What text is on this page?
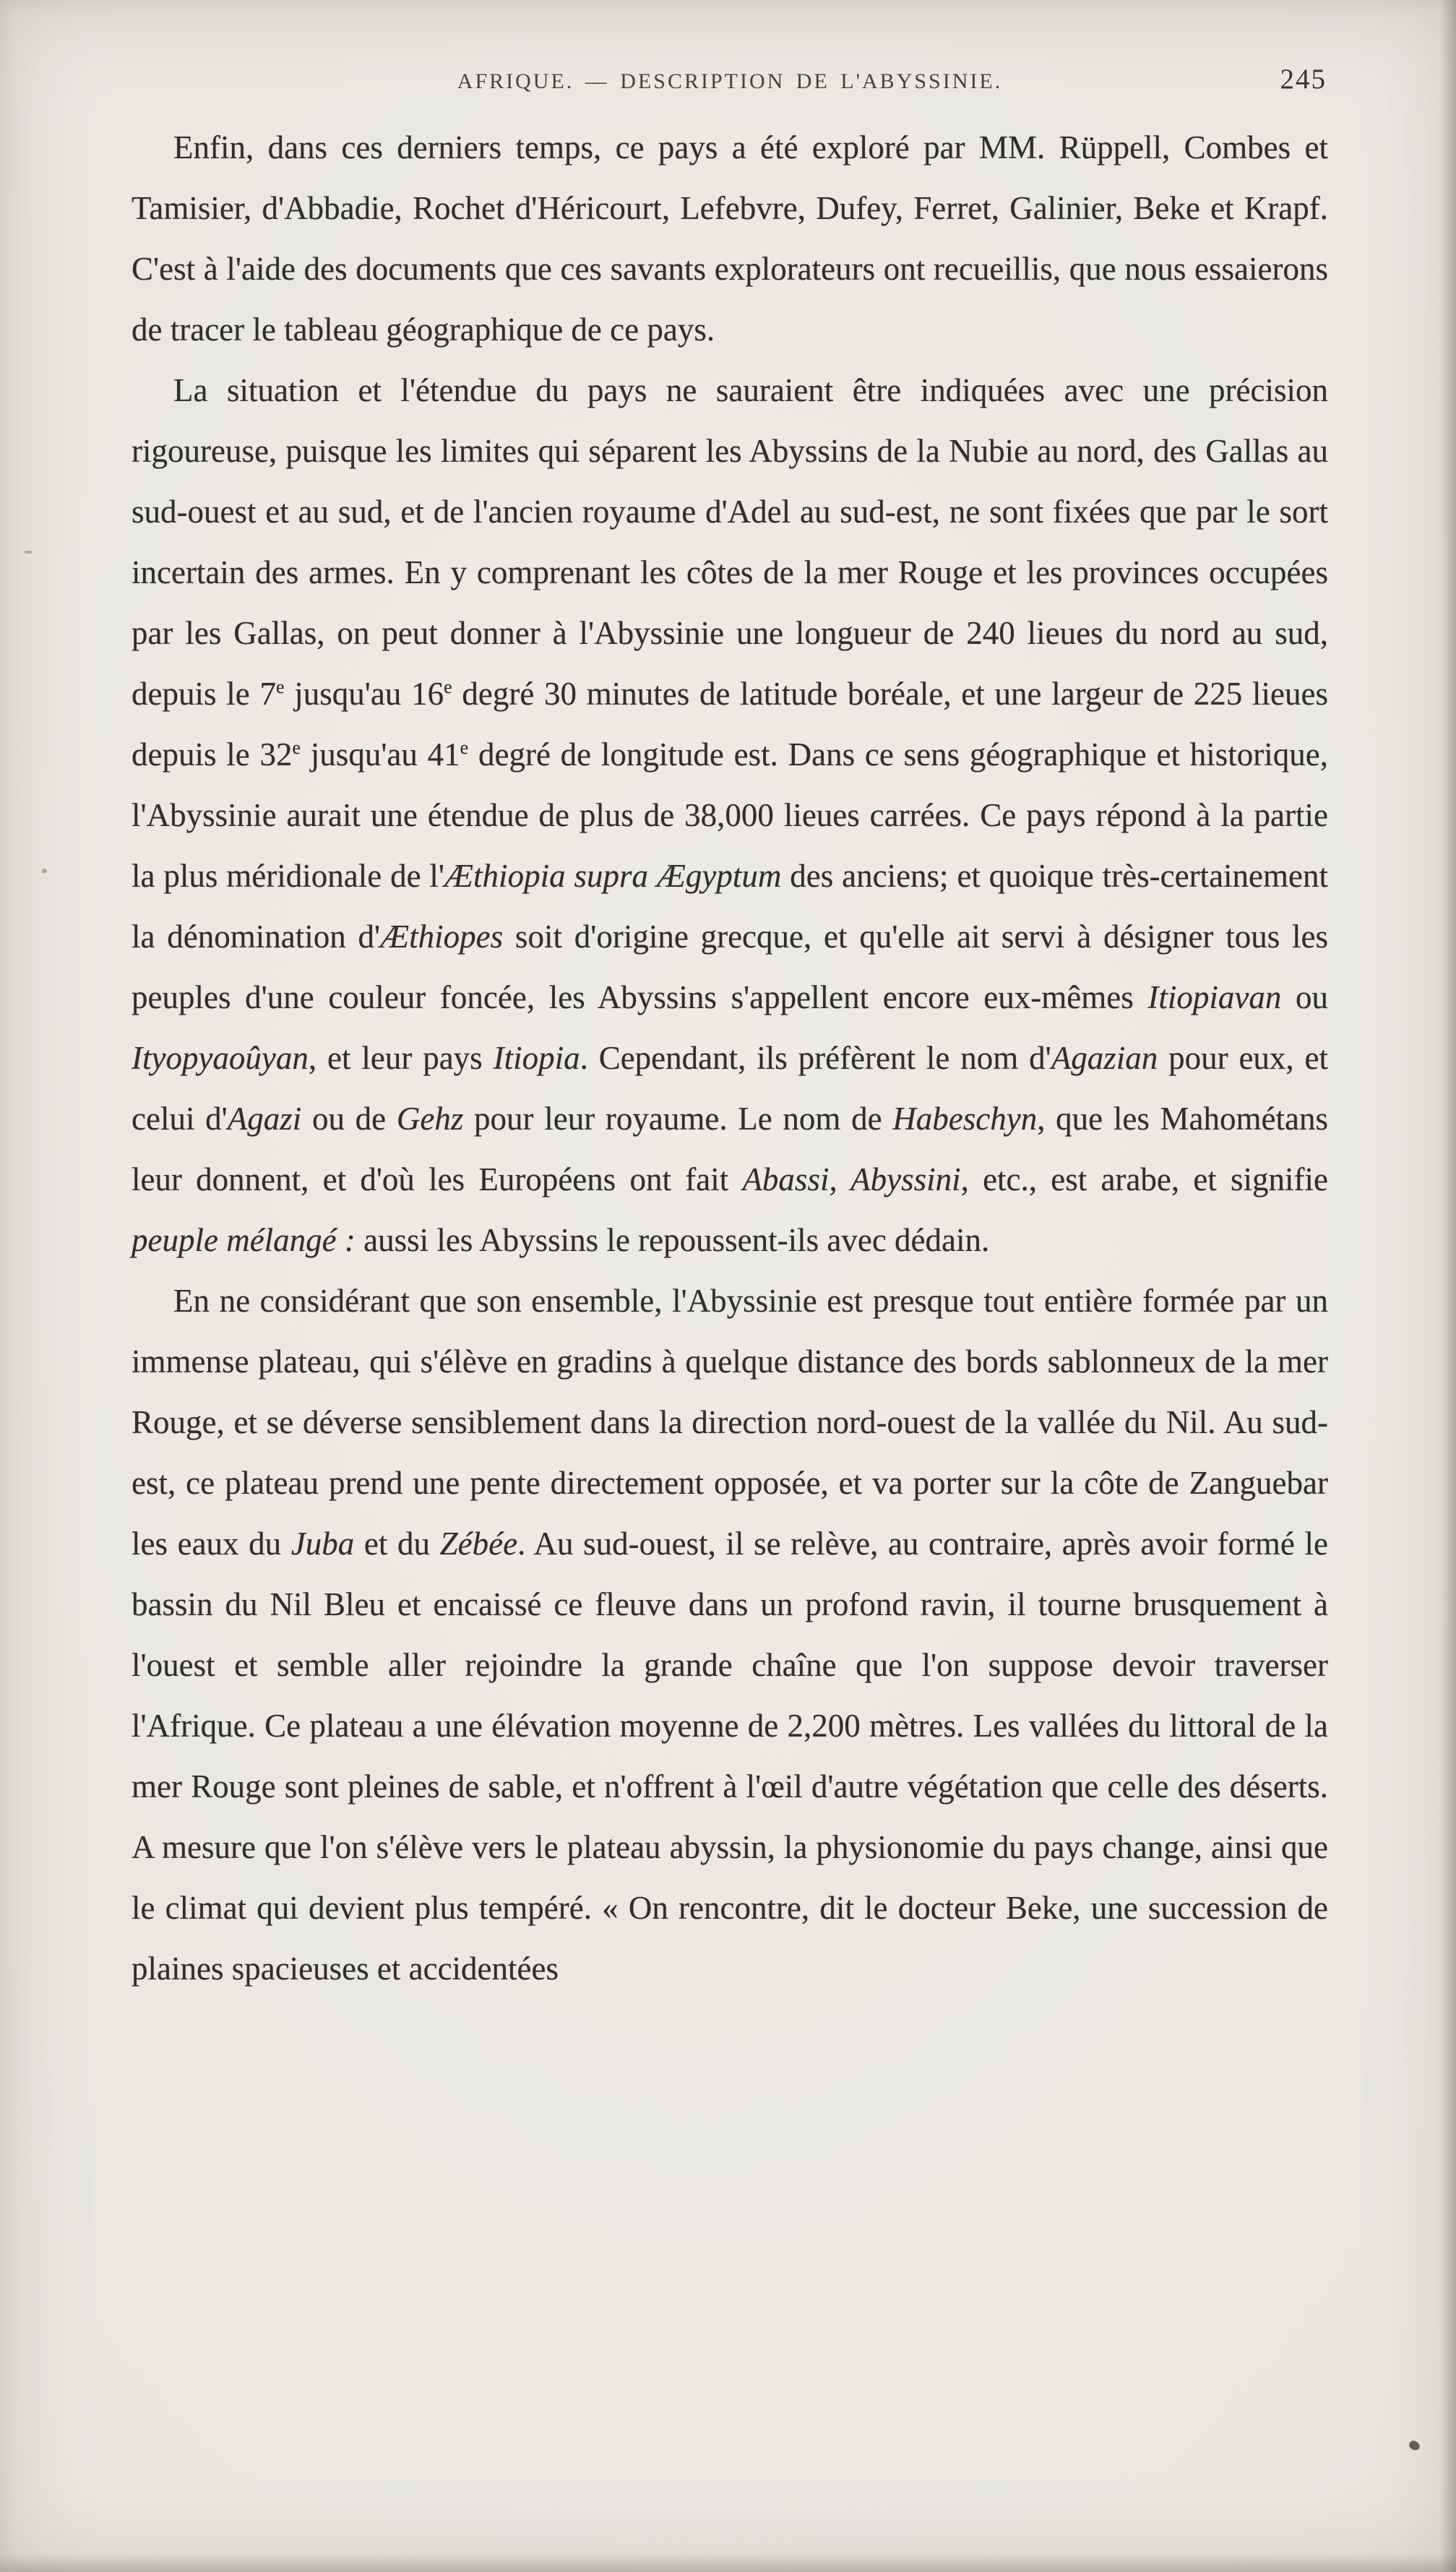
AFRIQUE. — DESCRIPTION DE L'ABYSSINIE.	245

Enfin, dans ces derniers temps, ce pays a été exploré par MM. Rüppell, Combes et Tamisier, d'Abbadie, Rochet d'Héricourt, Lefebvre, Dufey, Ferret, Galinier, Beke et Krapf. C'est à l'aide des documents que ces savants explorateurs ont recueillis, que nous essaierons de tracer le tableau géographique de ce pays.

La situation et l'étendue du pays ne sauraient être indiquées avec une précision rigoureuse, puisque les limites qui séparent les Abyssins de la Nubie au nord, des Gallas au sud-ouest et au sud, et de l'ancien royaume d'Adel au sud-est, ne sont fixées que par le sort incertain des armes. En y comprenant les côtes de la mer Rouge et les provinces occupées par les Gallas, on peut donner à l'Abyssinie une longueur de 240 lieues du nord au sud, depuis le 7e jusqu'au 16e degré 30 minutes de latitude boréale, et une largeur de 225 lieues depuis le 32e jusqu'au 41e degré de longitude est. Dans ce sens géographique et historique, l'Abyssinie aurait une étendue de plus de 38,000 lieues carrées. Ce pays répond à la partie la plus méridionale de l'Æthiopia supra Ægyptum des anciens; et quoique très-certainement la dénomination d'Æthiopes soit d'origine grecque, et qu'elle ait servi à désigner tous les peuples d'une couleur foncée, les Abyssins s'appellent encore eux-mêmes Itiopiavan ou Ityopyaoûyan, et leur pays Itiopia. Cependant, ils préfèrent le nom d'Agazian pour eux, et celui d'Agazi ou de Gehz pour leur royaume. Le nom de Habeschyn, que les Mahométans leur donnent, et d'où les Européens ont fait Abassi, Abyssini, etc., est arabe, et signifie peuple mélangé : aussi les Abyssins le repoussent-ils avec dédain.

En ne considérant que son ensemble, l'Abyssinie est presque tout entière formée par un immense plateau, qui s'élève en gradins à quelque distance des bords sablonneux de la mer Rouge, et se déverse sensiblement dans la direction nord-ouest de la vallée du Nil. Au sud-est, ce plateau prend une pente directement opposée, et va porter sur la côte de Zanguebar les eaux du Juba et du Zébée. Au sud-ouest, il se relève, au contraire, après avoir formé le bassin du Nil Bleu et encaissé ce fleuve dans un profond ravin, il tourne brusquement à l'ouest et semble aller rejoindre la grande chaîne que l'on suppose devoir traverser l'Afrique. Ce plateau a une élévation moyenne de 2,200 mètres. Les vallées du littoral de la mer Rouge sont pleines de sable, et n'offrent à l'œil d'autre végétation que celle des déserts. A mesure que l'on s'élève vers le plateau abyssin, la physionomie du pays change, ainsi que le climat qui devient plus tempéré. « On rencontre, dit le docteur Beke, une succession de plaines spacieuses et accidentées
